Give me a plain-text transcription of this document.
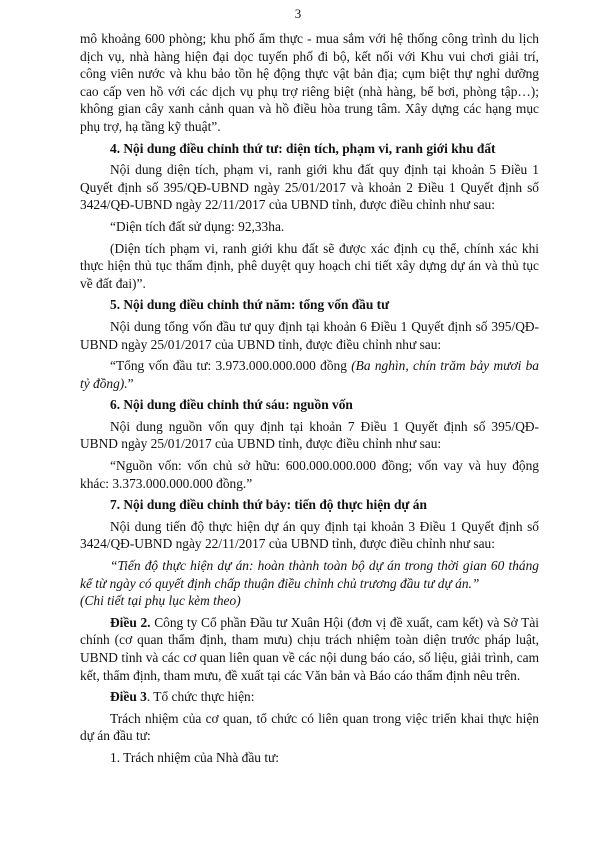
3

mô khoảng 600 phòng; khu phố ẩm thực - mua sắm với hệ thống công trình du lịch dịch vụ, nhà hàng hiện đại dọc tuyến phố đi bộ, kết nối với Khu vui chơi giải trí, công viên nước và khu bảo tồn hệ động thực vật bản địa; cụm biệt thự nghỉ dưỡng cao cấp ven hồ với các dịch vụ phụ trợ riêng biệt (nhà hàng, bể bơi, phòng tập…); không gian cây xanh cảnh quan và hồ điều hòa trung tâm. Xây dựng các hạng mục phụ trợ, hạ tầng kỹ thuật”.

4. Nội dung điều chỉnh thứ tư: diện tích, phạm vi, ranh giới khu đất

Nội dung diện tích, phạm vi, ranh giới khu đất quy định tại khoản 5 Điều 1 Quyết định số 395/QĐ-UBND ngày 25/01/2017 và khoản 2 Điều 1 Quyết định số 3424/QĐ-UBND ngày 22/11/2017 của UBND tỉnh, được điều chỉnh như sau:

“Diện tích đất sử dụng: 92,33ha.

(Diện tích phạm vi, ranh giới khu đất sẽ được xác định cụ thể, chính xác khi thực hiện thủ tục thẩm định, phê duyệt quy hoạch chi tiết xây dựng dự án và thủ tục về đất đai)”.

5. Nội dung điều chỉnh thứ năm: tổng vốn đầu tư

Nội dung tổng vốn đầu tư quy định tại khoản 6 Điều 1 Quyết định số 395/QĐ-UBND ngày 25/01/2017 của UBND tỉnh, được điều chỉnh như sau:

“Tổng vốn đầu tư: 3.973.000.000.000 đồng (Ba nghìn, chín trăm bảy mươi ba tỷ đồng).”

6. Nội dung điều chỉnh thứ sáu: nguồn vốn

Nội dung nguồn vốn quy định tại khoản 7 Điều 1 Quyết định số 395/QĐ-UBND ngày 25/01/2017 của UBND tỉnh, được điều chỉnh như sau:

“Nguồn vốn: vốn chủ sở hữu: 600.000.000.000 đồng; vốn vay và huy động khác: 3.373.000.000.000 đồng.”

7. Nội dung điều chỉnh thứ bảy: tiến độ thực hiện dự án

Nội dung tiến độ thực hiện dự án quy định tại khoản 3 Điều 1 Quyết định số 3424/QĐ-UBND ngày 22/11/2017 của UBND tỉnh, được điều chỉnh như sau:

“Tiến độ thực hiện dự án: hoàn thành toàn bộ dự án trong thời gian 60 tháng kể từ ngày có quyết định chấp thuận điều chỉnh chủ trương đầu tư dự án.”
(Chi tiết tại phụ lục kèm theo)

Điều 2. Công ty Cổ phần Đầu tư Xuân Hội (đơn vị đề xuất, cam kết) và Sở Tài chính (cơ quan thẩm định, tham mưu) chịu trách nhiệm toàn diện trước pháp luật, UBND tỉnh và các cơ quan liên quan về các nội dung báo cáo, số liệu, giải trình, cam kết, thẩm định, tham mưu, đề xuất tại các Văn bản và Báo cáo thẩm định nêu trên.

Điều 3. Tổ chức thực hiện:

Trách nhiệm của cơ quan, tổ chức có liên quan trong việc triển khai thực hiện dự án đầu tư:

1. Trách nhiệm của Nhà đầu tư:
